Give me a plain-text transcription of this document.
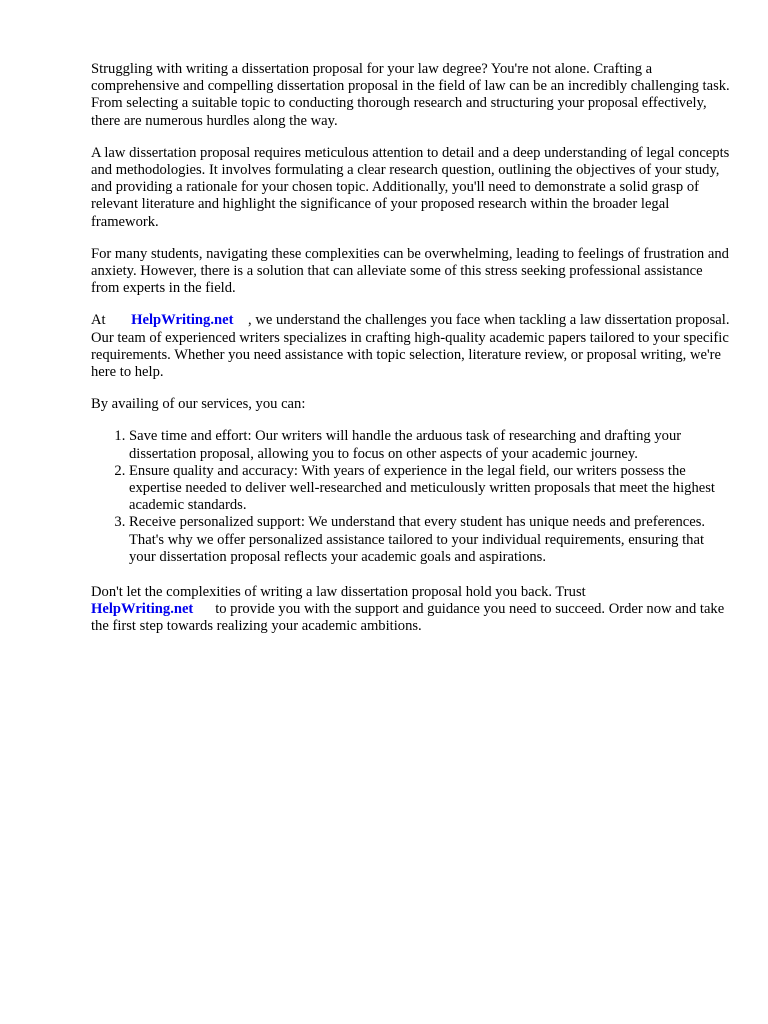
Struggling with writing a dissertation proposal for your law degree? You're not alone. Crafting a comprehensive and compelling dissertation proposal in the field of law can be an incredibly challenging task. From selecting a suitable topic to conducting thorough research and structuring your proposal effectively, there are numerous hurdles along the way.

A law dissertation proposal requires meticulous attention to detail and a deep understanding of legal concepts and methodologies. It involves formulating a clear research question, outlining the objectives of your study, and providing a rationale for your chosen topic. Additionally, you'll need to demonstrate a solid grasp of relevant literature and highlight the significance of your proposed research within the broader legal framework.

For many students, navigating these complexities can be overwhelming, leading to feelings of frustration and anxiety. However, there is a solution that can alleviate some of this stress seeking professional assistance from experts in the field.

At HelpWriting.net , we understand the challenges you face when tackling a law dissertation proposal. Our team of experienced writers specializes in crafting high-quality academic papers tailored to your specific requirements. Whether you need assistance with topic selection, literature review, or proposal writing, we're here to help.

By availing of our services, you can:

1. Save time and effort: Our writers will handle the arduous task of researching and drafting your dissertation proposal, allowing you to focus on other aspects of your academic journey.
2. Ensure quality and accuracy: With years of experience in the legal field, our writers possess the expertise needed to deliver well-researched and meticulously written proposals that meet the highest academic standards.
3. Receive personalized support: We understand that every student has unique needs and preferences. That's why we offer personalized assistance tailored to your individual requirements, ensuring that your dissertation proposal reflects your academic goals and aspirations.

Don't let the complexities of writing a law dissertation proposal hold you back. Trust
HelpWriting.net to provide you with the support and guidance you need to succeed. Order now and take the first step towards realizing your academic ambitions.
